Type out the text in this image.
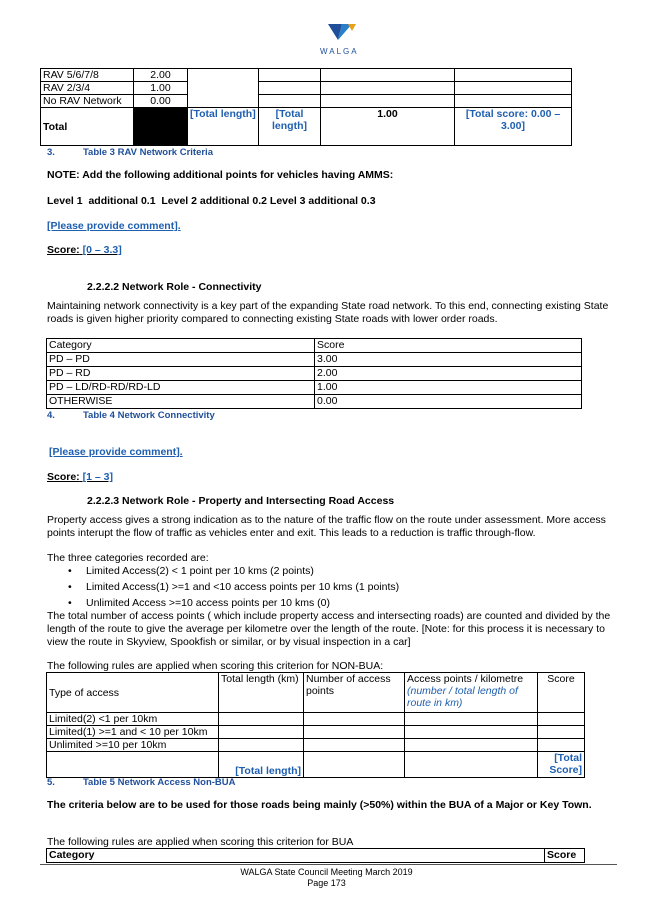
WALGA
RAV 5/6/7/8	2.00				
RAV 2/3/4	1.00				
No RAV Network	0.00				
Total		[Total length]	[Total length]	1.00	[Total score: 0.00 – 3.00]
3.	Table 3 RAV Network Criteria
NOTE: Add the following additional points for vehicles having AMMS:
Level 1  additional 0.1  Level 2 additional 0.2 Level 3 additional 0.3
[Please provide comment].
Score: [0 – 3.3]
2.2.2.2 Network Role - Connectivity
Maintaining network connectivity is a key part of the expanding State road network. To this end, connecting existing State roads is given higher priority compared to connecting existing State roads with lower order roads.
Category	Score
PD – PD	3.00
PD – RD	2.00
PD – LD/RD-RD/RD-LD	1.00
OTHERWISE	0.00
4.	Table 4 Network Connectivity
[Please provide comment].
Score: [1 – 3]
2.2.2.3 Network Role - Property and Intersecting Road Access
Property access gives a strong indication as to the nature of the traffic flow on the route under assessment. More access points interupt the flow of traffic as vehicles enter and exit. This leads to a reduction is traffic through-flow.
The three categories recorded are:
• Limited Access(2) < 1 point per 10 kms (2 points)
• Limited Access(1) >=1 and <10 access points per 10 kms (1 points)
• Unlimited Access >=10 access points per 10 kms (0)
The total number of access points ( which include property access and intersecting roads) are counted and divided by the length of the route to give the average per kilometre over the length of the route. [Note: for this process it is necessary to view the route in Skyview, Spookfish or similar, or by visual inspection in a car]
The following rules are applied when scoring this criterion for NON-BUA:
Type of access	Total length (km)	Number of access points	Access points / kilometre
(number / total length of route in km)	Score
Limited(2) <1 per 10km				
Limited(1) >=1 and < 10 per 10km				
Unlimited >=10 per 10km				
	[Total length]			[Total Score]
5.	Table 5 Network Access Non-BUA
The criteria below are to be used for those roads being mainly (>50%) within the BUA of a Major or Key Town.
The following rules are applied when scoring this criterion for BUA
Category	Score
WALGA State Council Meeting March 2019
Page 173
